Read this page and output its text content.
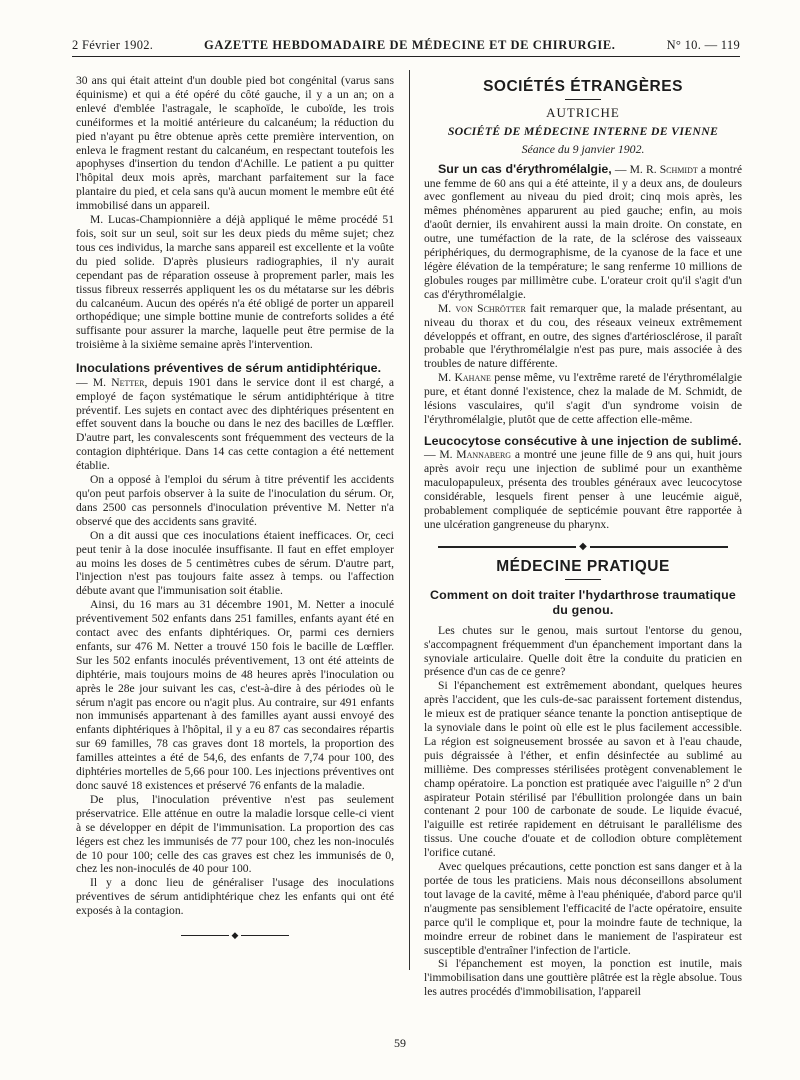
2 Février 1902.	GAZETTE HEBDOMADAIRE DE MÉDECINE ET DE CHIRURGIE.	N° 10. — 119

30 ans qui était atteint d'un double pied bot congénital (varus sans équinisme) et qui a été opéré du côté gauche, il y a un an; on a enlevé d'emblée l'astragale, le scaphoïde, le cuboïde, les trois cunéiformes et la moitié antérieure du calcanéum; la réduction du pied n'ayant pu être obtenue après cette première intervention, on enleva le fragment restant du calcanéum, en respectant toutefois les apophyses d'insertion du tendon d'Achille. Le patient a pu quitter l'hôpital deux mois après, marchant parfaitement sur la face plantaire du pied, et cela sans qu'à aucun moment le membre eût été immobilisé dans un appareil.

M. Lucas-Championnière a déjà appliqué le même procédé 51 fois, soit sur un seul, soit sur les deux pieds du même sujet; chez tous ces individus, la marche sans appareil est excellente et la voûte du pied solide. D'après plusieurs radiographies, il n'y aurait cependant pas de réparation osseuse à proprement parler, mais les tissus fibreux resserrés appliquent les os du métatarse sur les débris du calcanéum. Aucun des opérés n'a été obligé de porter un appareil orthopédique; une simple bottine munie de contreforts solides a été suffisante pour assurer la marche, laquelle peut être permise de la troisième à la sixième semaine après l'intervention.

Inoculations préventives de sérum antidiphtérique.

— M. Netter, depuis 1901 dans le service dont il est chargé, a employé de façon systématique le sérum antidiphtérique à titre préventif. Les sujets en contact avec des diphtériques présentent en effet souvent dans la bouche ou dans le nez des bacilles de Lœffler. D'autre part, les convalescents sont fréquemment des vecteurs de la contagion diphtérique. Dans 14 cas cette contagion a été nettement établie.

On a opposé à l'emploi du sérum à titre préventif les accidents qu'on peut parfois observer à la suite de l'inoculation du sérum. Or, dans 2500 cas personnels d'inoculation préventive M. Netter n'a observé que des accidents sans gravité.

On a dit aussi que ces inoculations étaient inefficaces. Or, ceci peut tenir à la dose inoculée insuffisante. Il faut en effet employer au moins les doses de 5 centimètres cubes de sérum. D'autre part, l'injection n'est pas toujours faite assez à temps. ou l'affection débute avant que l'immunisation soit établie.

Ainsi, du 16 mars au 31 décembre 1901, M. Netter a inoculé préventivement 502 enfants dans 251 familles, enfants ayant été en contact avec des enfants diphtériques. Or, parmi ces derniers enfants, sur 476 M. Netter a trouvé 150 fois le bacille de Lœffler. Sur les 502 enfants inoculés préventivement, 13 ont été atteints de diphtérie, mais toujours moins de 48 heures après l'inoculation ou après le 28e jour suivant les cas, c'est-à-dire à des périodes où le sérum n'agit pas encore ou n'agit plus. Au contraire, sur 491 enfants non immunisés appartenant à des familles ayant aussi envoyé des enfants diphtériques à l'hôpital, il y a eu 87 cas secondaires répartis sur 69 familles, 78 cas graves dont 18 mortels, la proportion des familles atteintes a été de 54,6, des enfants de 7,74 pour 100, des diphtéries mortelles de 5,66 pour 100. Les injections préventives ont donc sauvé 18 existences et préservé 76 enfants de la maladie.

De plus, l'inoculation préventive n'est pas seulement préservatrice. Elle atténue en outre la maladie lorsque celle-ci vient à se développer en dépit de l'immunisation. La proportion des cas légers est chez les immunisés de 77 pour 100, chez les non-inoculés de 10 pour 100; celle des cas graves est chez les immunisés de 0, chez les non-inoculés de 40 pour 100.

Il y a donc lieu de généraliser l'usage des inoculations préventives de sérum antidiphtérique chez les enfants qui ont été exposés à la contagion.

◆
SOCIÉTÉS ÉTRANGÈRES
AUTRICHE
SOCIÉTÉ DE MÉDECINE INTERNE DE VIENNE
Séance du 9 janvier 1902.

Sur un cas d'érythromélalgie, — M. R. Schmidt a montré une femme de 60 ans qui a été atteinte, il y a deux ans, de douleurs avec gonflement au niveau du pied droit; cinq mois après, les mêmes phénomènes apparurent au pied gauche; enfin, au mois d'août dernier, ils envahirent aussi la main droite. On constate, en outre, une tuméfaction de la rate, de la sclérose des vaisseaux périphériques, du dermographisme, de la cyanose de la face et une légère élévation de la température; le sang renferme 10 millions de globules rouges par millimètre cube. L'orateur croit qu'il s'agit d'un cas d'érythromélalgie.

M. von Schrötter fait remarquer que, la malade présentant, au niveau du thorax et du cou, des réseaux veineux extrêmement développés et offrant, en outre, des signes d'artériosclérose, il paraît probable que l'érythromélalgie n'est pas pure, mais associée à des troubles de nature différente.

M. Kahane pense même, vu l'extrême rareté de l'érythromélalgie pure, et étant donné l'existence, chez la malade de M. Schmidt, de lésions vasculaires, qu'il s'agit d'un syndrome voisin de l'érythromélalgie, plutôt que de cette affection elle-même.

Leucocytose consécutive à une injection de sublimé.

— M. Mannaberg a montré une jeune fille de 9 ans qui, huit jours après avoir reçu une injection de sublimé pour un exanthème maculopapuleux, présenta des troubles généraux avec leucocytose considérable, lesquels firent penser à une leucémie aiguë, probablement compliquée de septicémie pouvant être rapportée à une ulcération gangreneuse du pharynx.

◆
MÉDECINE PRATIQUE
Comment on doit traiter l'hydarthrose traumatique du genou.

Les chutes sur le genou, mais surtout l'entorse du genou, s'accompagnent fréquemment d'un épanchement important dans la synoviale articulaire. Quelle doit être la conduite du praticien en présence d'un cas de ce genre?

Si l'épanchement est extrêmement abondant, quelques heures après l'accident, que les culs-de-sac paraissent fortement distendus, le mieux est de pratiquer séance tenante la ponction antiseptique de la synoviale dans le point où elle est le plus facilement accessible. La région est soigneusement brossée au savon et à l'eau chaude, puis dégraissée à l'éther, et enfin désinfectée au sublimé au millième. Des compresses stérilisées protègent convenablement le champ opératoire. La ponction est pratiquée avec l'aiguille n° 2 d'un aspirateur Potain stérilisé par l'ébullition prolongée dans un bain contenant 2 pour 100 de carbonate de soude. Le liquide évacué, l'aiguille est retirée rapidement en détruisant le parallélisme des tissus. Une couche d'ouate et de collodion obture complètement l'orifice cutané.

Avec quelques précautions, cette ponction est sans danger et à la portée de tous les praticiens. Mais nous déconseillons absolument tout lavage de la cavité, même à l'eau phéniquée, d'abord parce qu'il n'augmente pas sensiblement l'efficacité de l'acte opératoire, ensuite parce qu'il le complique et, pour la moindre faute de technique, la moindre erreur de robinet dans le maniement de l'aspirateur est susceptible d'entraîner l'infection de l'article.

Si l'épanchement est moyen, la ponction est inutile, mais l'immobilisation dans une gouttière plâtrée est la règle absolue. Tous les autres procédés d'immobilisation, l'appareil

59
